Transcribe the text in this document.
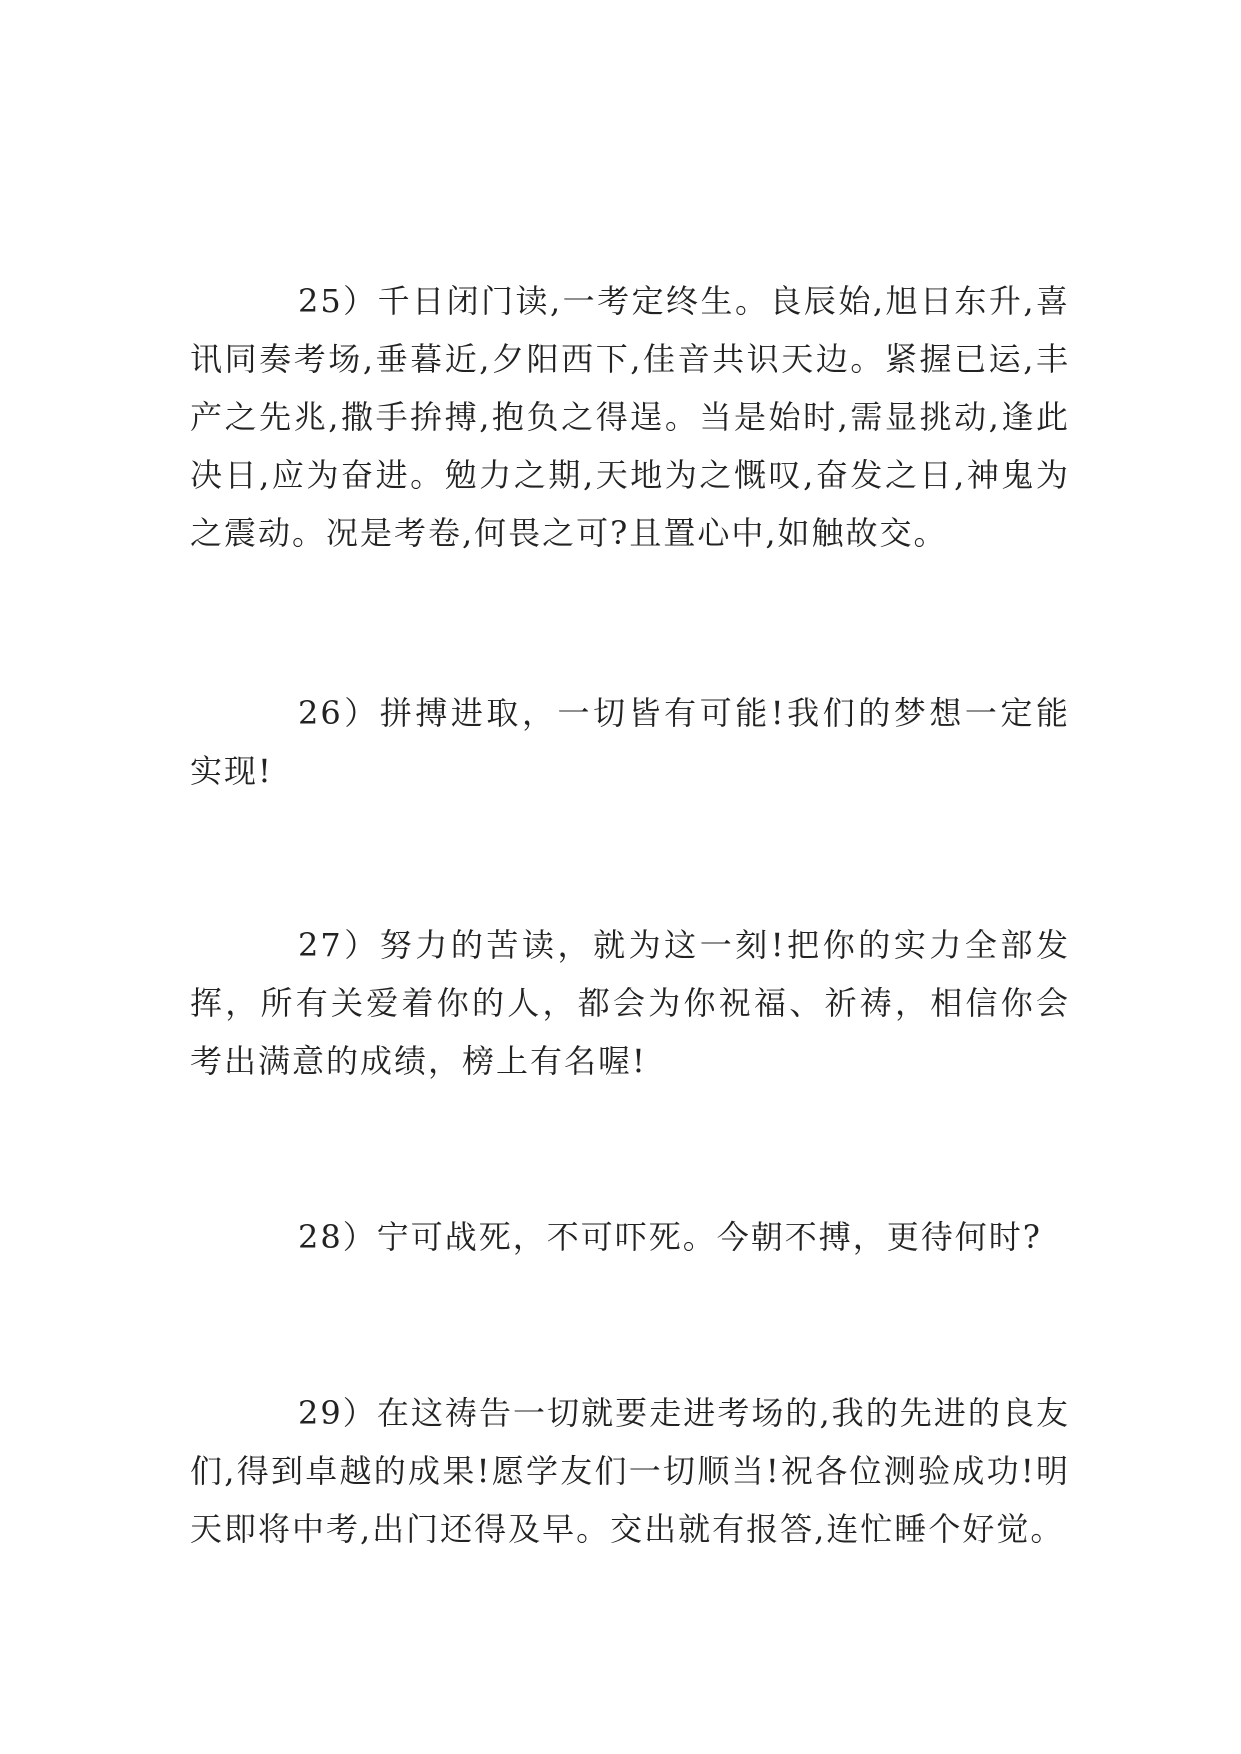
25）千日闭门读,一考定终生。良辰始,旭日东升,喜讯同奏考场,垂暮近,夕阳西下,佳音共识天边。紧握已运,丰产之先兆,撒手拚搏,抱负之得逞。当是始时,需显挑动,逢此决日,应为奋进。勉力之期,天地为之慨叹,奋发之日,神鬼为之震动。况是考卷,何畏之可?且置心中,如触故交。

26）拼搏进取，一切皆有可能!我们的梦想一定能实现!

27）努力的苦读，就为这一刻!把你的实力全部发挥，所有关爱着你的人，都会为你祝福、祈祷，相信你会考出满意的成绩，榜上有名喔!

28）宁可战死，不可吓死。今朝不搏，更待何时?

29）在这祷告一切就要走进考场的,我的先进的良友们,得到卓越的成果!愿学友们一切顺当!祝各位测验成功!明天即将中考,出门还得及早。交出就有报答,连忙睡个好觉。
